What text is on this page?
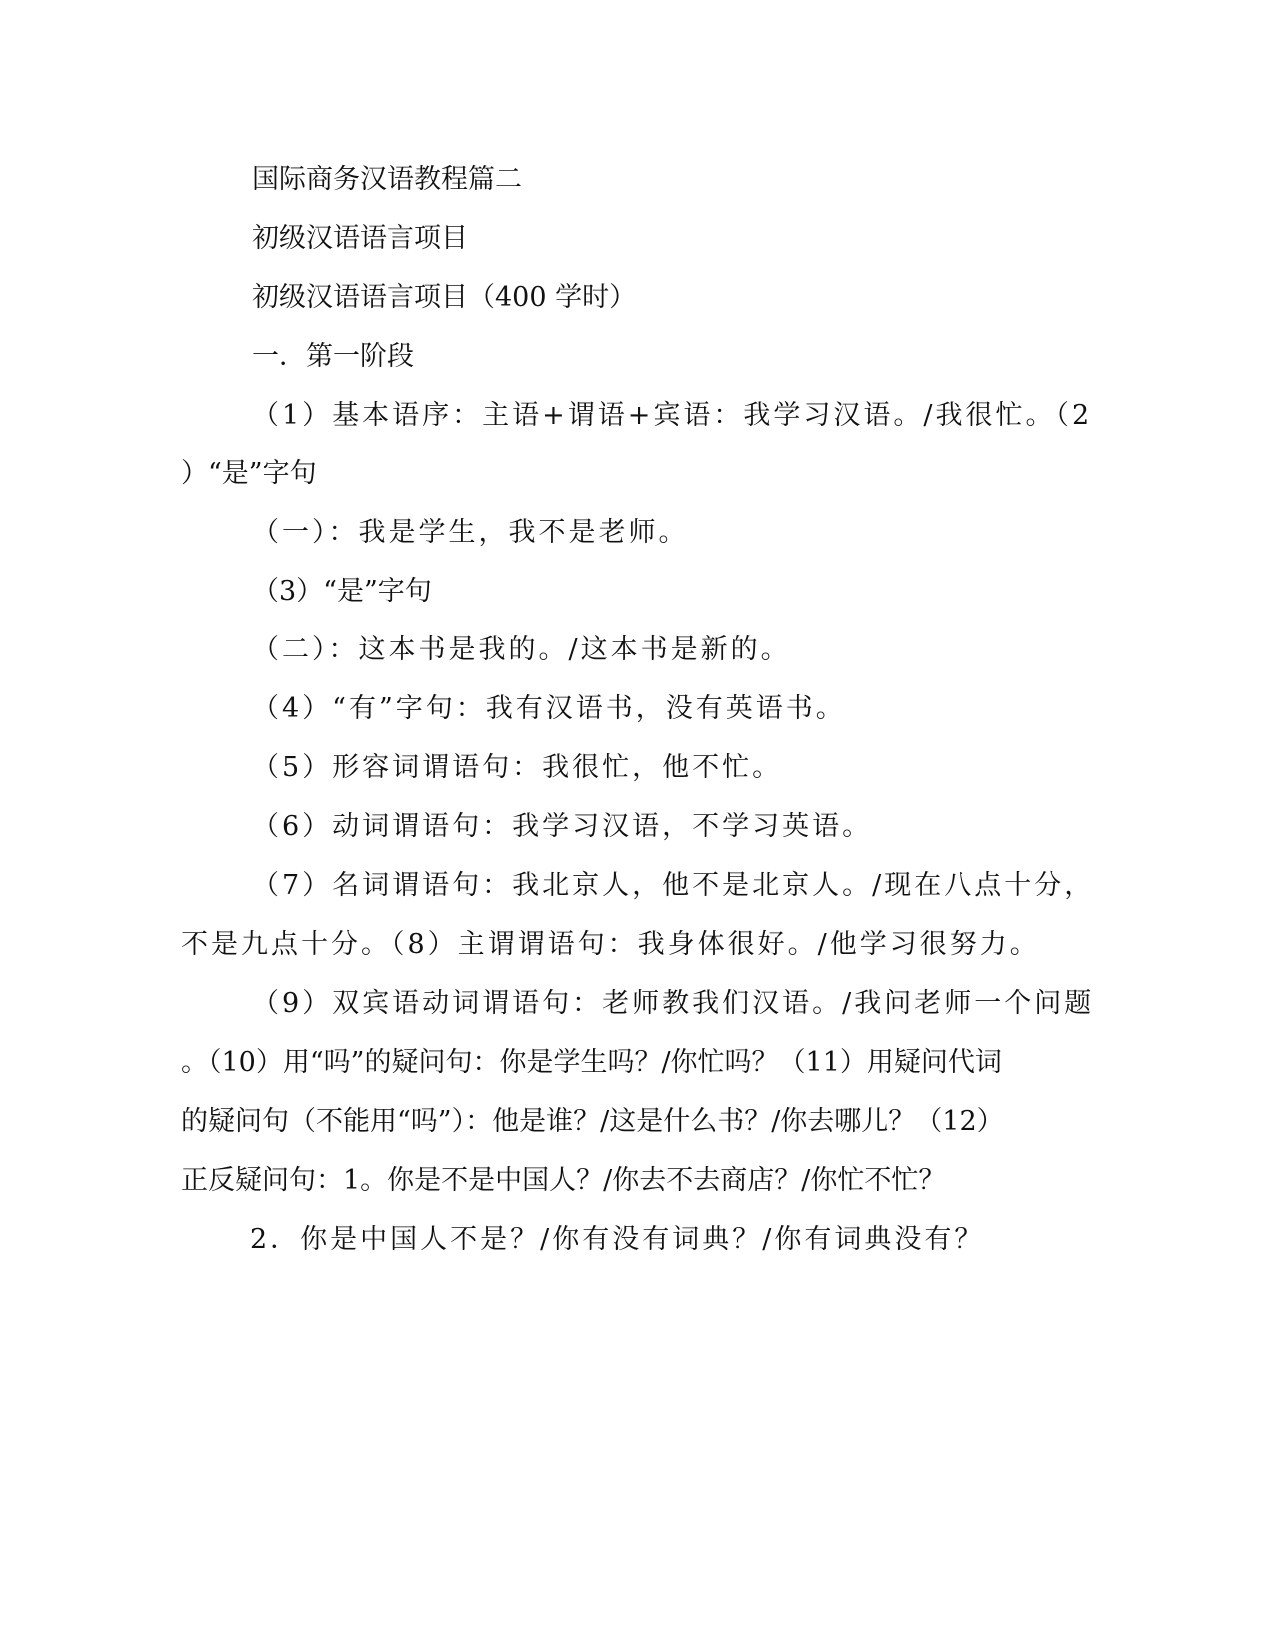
国际商务汉语教程篇二
初级汉语语言项目
初级汉语语言项目（400 学时）
一．第一阶段
（1）基本语序：主语+谓语+宾语：我学习汉语。/我很忙。（2
）“是”字句
（一）：我是学生，我不是老师。
（3）“是”字句
（二）：这本书是我的。/这本书是新的。
（4）“有”字句：我有汉语书，没有英语书。
（5）形容词谓语句：我很忙，他不忙。
（6）动词谓语句：我学习汉语，不学习英语。
（7）名词谓语句：我北京人，他不是北京人。/现在八点十分，
不是九点十分。（8）主谓谓语句：我身体很好。/他学习很努力。
（9）双宾语动词谓语句：老师教我们汉语。/我问老师一个问题
。（10）用“吗”的疑问句：你是学生吗？/你忙吗？（11）用疑问代词
的疑问句（不能用“吗”）：他是谁？/这是什么书？/你去哪儿？（12）
正反疑问句：1。你是不是中国人？/你去不去商店？/你忙不忙？
2．你是中国人不是？/你有没有词典？/你有词典没有？
